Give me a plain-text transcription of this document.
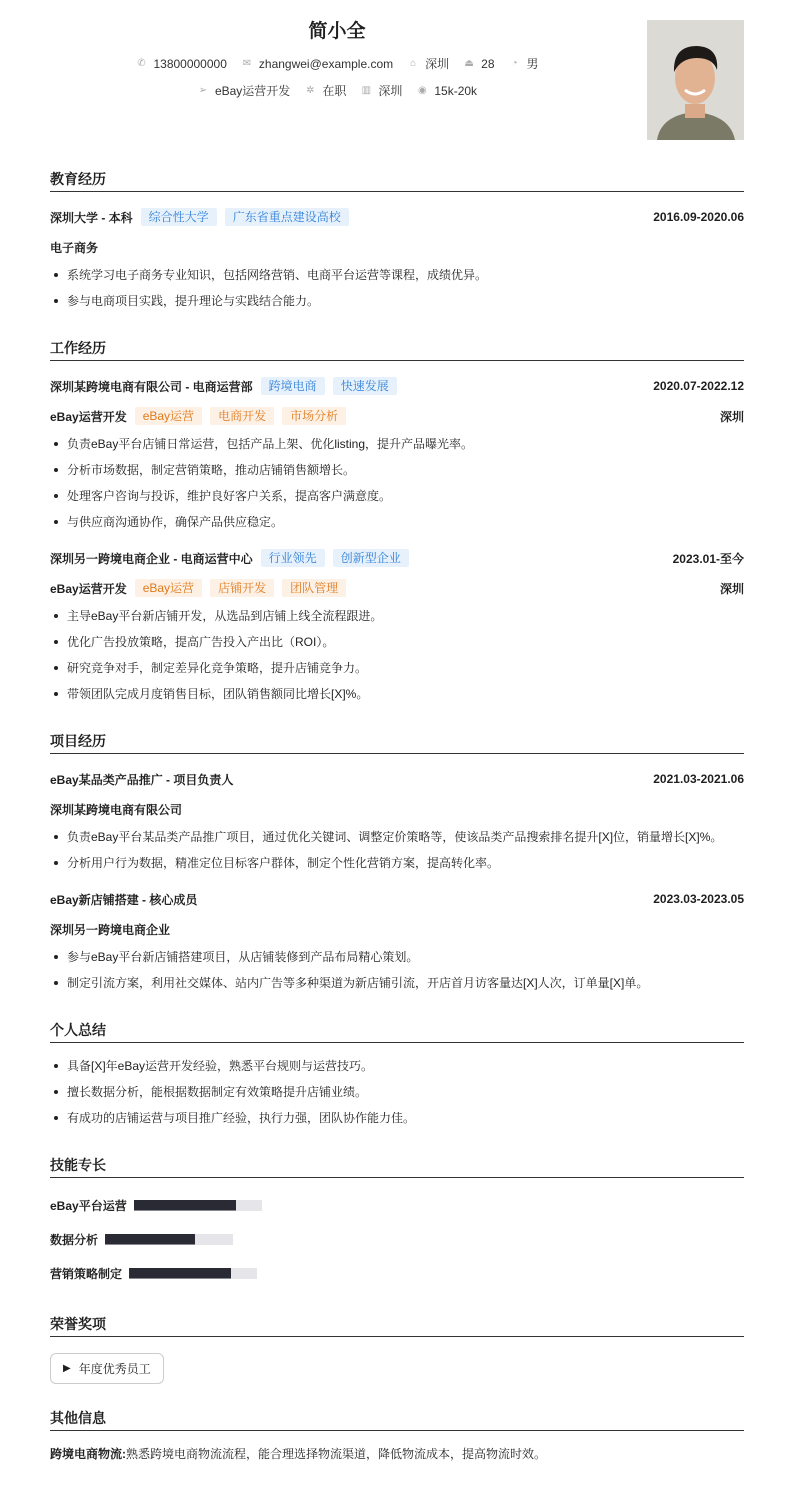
简小全
✆ 13800000000 ✉ zhangwei@example.com ⌂ 深圳 ⏏ 28 ◔ 男
➢ eBay运营开发 ✲ 在职 ▥ 深圳 ◉ 15k-20k
教育经历
深圳大学 - 本科	综合性大学	广东省重点建设高校	2016.09-2020.06
电子商务
系统学习电子商务专业知识，包括网络营销、电商平台运营等课程，成绩优异。
参与电商项目实践，提升理论与实践结合能力。
工作经历
深圳某跨境电商有限公司 - 电商运营部	跨境电商	快速发展	2020.07-2022.12
eBay运营开发	eBay运营	电商开发	市场分析	深圳
负责eBay平台店铺日常运营，包括产品上架、优化listing，提升产品曝光率。
分析市场数据，制定营销策略，推动店铺销售额增长。
处理客户咨询与投诉，维护良好客户关系，提高客户满意度。
与供应商沟通协作，确保产品供应稳定。
深圳另一跨境电商企业 - 电商运营中心	行业领先	创新型企业	2023.01-至今
eBay运营开发	eBay运营	店铺开发	团队管理	深圳
主导eBay平台新店铺开发，从选品到店铺上线全流程跟进。
优化广告投放策略，提高广告投入产出比（ROI）。
研究竞争对手，制定差异化竞争策略，提升店铺竞争力。
带领团队完成月度销售目标，团队销售额同比增长[X]%。
项目经历
eBay某品类产品推广 - 项目负责人	2021.03-2021.06
深圳某跨境电商有限公司
负责eBay平台某品类产品推广项目，通过优化关键词、调整定价策略等，使该品类产品搜索排名提升[X]位，销量增长[X]%。
分析用户行为数据，精准定位目标客户群体，制定个性化营销方案，提高转化率。
eBay新店铺搭建 - 核心成员	2023.03-2023.05
深圳另一跨境电商企业
参与eBay平台新店铺搭建项目，从店铺装修到产品布局精心策划。
制定引流方案，利用社交媒体、站内广告等多种渠道为新店铺引流，开店首月访客量达[X]人次，订单量[X]单。
个人总结
具备[X]年eBay运营开发经验，熟悉平台规则与运营技巧。
擅长数据分析，能根据数据制定有效策略提升店铺业绩。
有成功的店铺运营与项目推广经验，执行力强，团队协作能力佳。
技能专长
eBay平台运营
数据分析
营销策略制定
荣誉奖项
▶ 年度优秀员工
其他信息
跨境电商物流:熟悉跨境电商物流流程，能合理选择物流渠道，降低物流成本，提高物流时效。
